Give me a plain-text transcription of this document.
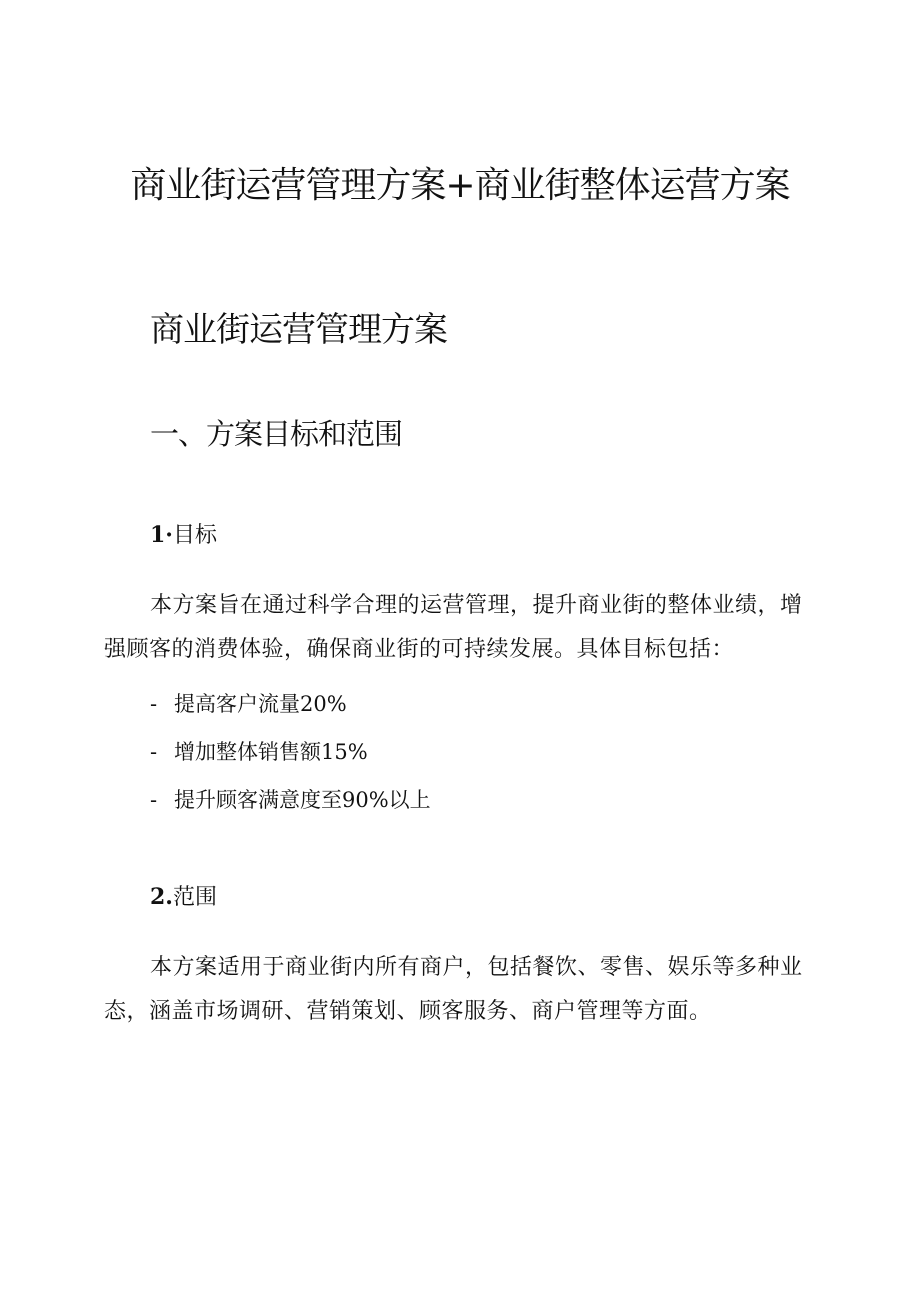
商业街运营管理方案+商业街整体运营方案
商业街运营管理方案
一、方案目标和范围
1·目标

本方案旨在通过科学合理的运营管理，提升商业街的整体业绩，增强顾客的消费体验，确保商业街的可持续发展。具体目标包括：

- 提高客户流量20%
- 增加整体销售额15%
- 提升顾客满意度至90%以上
2.范围

本方案适用于商业街内所有商户，包括餐饮、零售、娱乐等多种业态，涵盖市场调研、营销策划、顾客服务、商户管理等方面。
